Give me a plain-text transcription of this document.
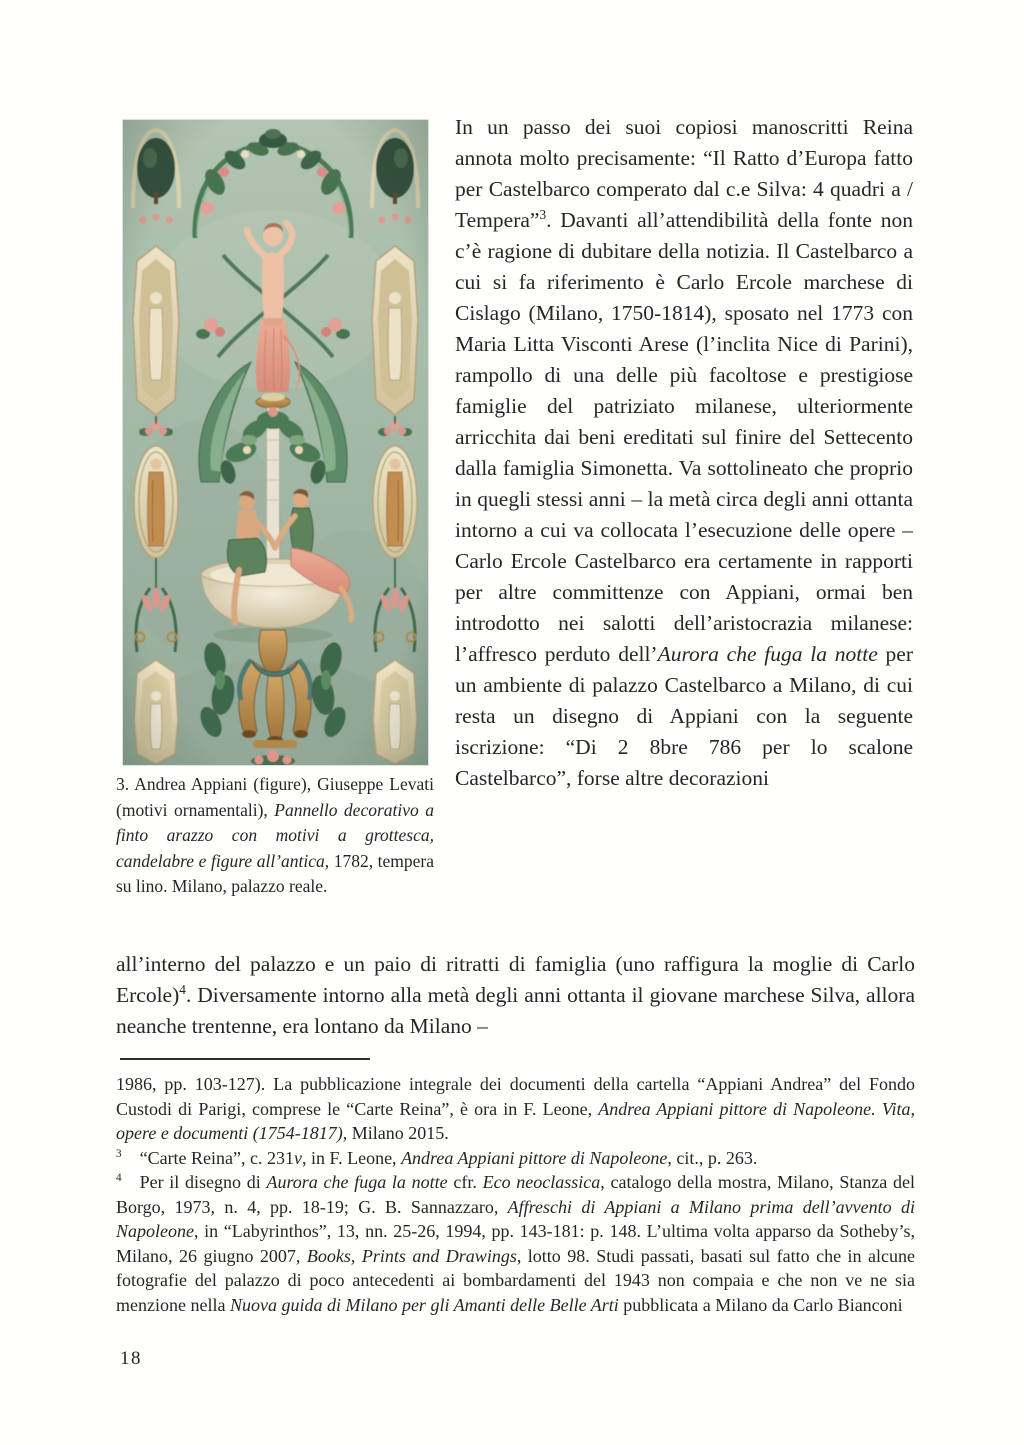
3. Andrea Appiani (figure), Giuseppe Levati (motivi ornamentali), Pannello decorativo a finto arazzo con motivi a grottesca, candelabre e figure all’antica, 1782, tempera su lino. Milano, palazzo reale.
In un passo dei suoi copiosi manoscritti Reina annota molto precisamente: “Il Ratto d’Europa fatto per Castelbarco comperato dal c.e Silva: 4 quadri a / Tempera”$^3$. Davanti all’attendibilità della fonte non c’è ragione di dubitare della notizia. Il Castelbarco a cui si fa riferimento è Carlo Ercole marchese di Cislago (Milano, 1750-1814), sposato nel 1773 con Maria Litta Visconti Arese (l’inclita Nice di Parini), rampollo di una delle più facoltose e prestigiose famiglie del patriziato milanese, ulteriormente arricchita dai beni ereditati sul finire del Settecento dalla famiglia Simonetta. Va sottolineato che proprio in quegli stessi anni – la metà circa degli anni ottanta intorno a cui va collocata l’esecuzione delle opere – Carlo Ercole Castelbarco era certamente in rapporti per altre committenze con Appiani, ormai ben introdotto nei salotti dell’aristocrazia milanese: l’affresco perduto dell’Aurora che fuga la notte per un ambiente di palazzo Castelbarco a Milano, di cui resta un disegno di Appiani con la seguente iscrizione: “Di 2 8bre 786 per lo scalone Castelbarco”, forse altre decorazioni
all’interno del palazzo e un paio di ritratti di famiglia (uno raffigura la moglie di Carlo Ercole)$^4$. Diversamente intorno alla metà degli anni ottanta il giovane marchese Silva, allora neanche trentenne, era lontano da Milano –

1986, pp. 103-127). La pubblicazione integrale dei documenti della cartella “Appiani Andrea” del Fondo Custodi di Parigi, comprese le “Carte Reina”, è ora in F. Leone, Andrea Appiani pittore di Napoleone. Vita, opere e documenti (1754-1817), Milano 2015.

$^3$ “Carte Reina”, c. 231v, in F. Leone, Andrea Appiani pittore di Napoleone, cit., p. 263.

$^4$ Per il disegno di Aurora che fuga la notte cfr. Eco neoclassica, catalogo della mostra, Milano, Stanza del Borgo, 1973, n. 4, pp. 18-19; G. B. Sannazzaro, Affreschi di Appiani a Milano prima dell’avvento di Napoleone, in “Labyrinthos”, 13, nn. 25-26, 1994, pp. 143-181: p. 148. L’ultima volta apparso da Sotheby’s, Milano, 26 giugno 2007, Books, Prints and Drawings, lotto 98. Studi passati, basati sul fatto che in alcune fotografie del palazzo di poco antecedenti ai bombardamenti del 1943 non compaia e che non ve ne sia menzione nella Nuova guida di Milano per gli Amanti delle Belle Arti pubblicata a Milano da Carlo Bianconi

18
